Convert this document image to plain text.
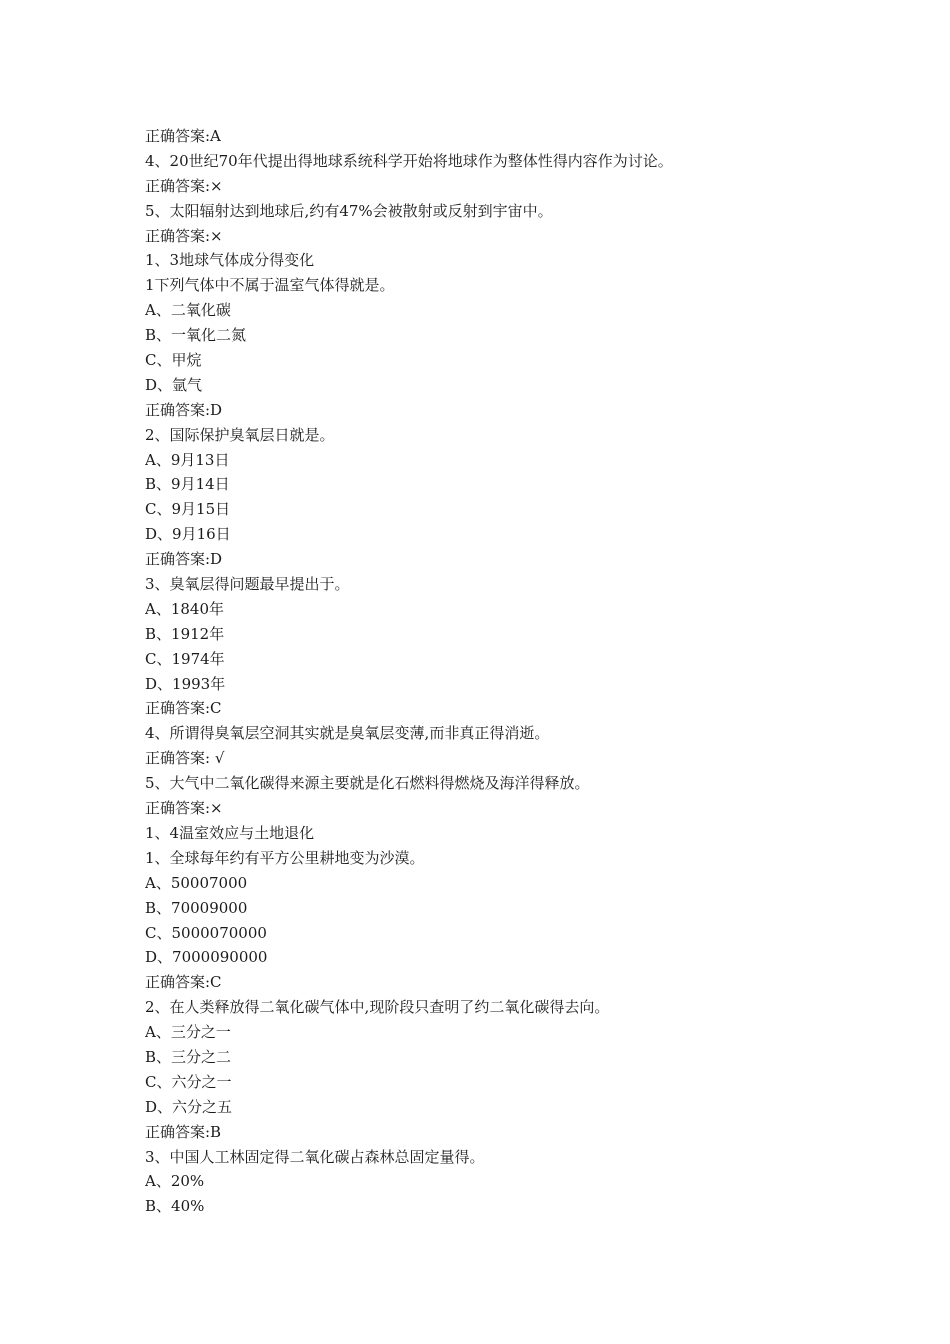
正确答案:A
4、20世纪70年代提出得地球系统科学开始将地球作为整体性得内容作为讨论。
正确答案:×
5、太阳辐射达到地球后,约有47%会被散射或反射到宇宙中。
正确答案:×
1、3地球气体成分得变化
1下列气体中不属于温室气体得就是。
A、二氧化碳
B、一氧化二氮
C、甲烷
D、氩气
正确答案:D
2、国际保护臭氧层日就是。
A、9月13日
B、9月14日
C、9月15日
D、9月16日
正确答案:D
3、臭氧层得问题最早提出于。
A、1840年
B、1912年
C、1974年
D、1993年
正确答案:C
4、所谓得臭氧层空洞其实就是臭氧层变薄,而非真正得消逝。
正确答案: √
5、大气中二氧化碳得来源主要就是化石燃料得燃烧及海洋得释放。
正确答案:×
1、4温室效应与土地退化
1、全球每年约有平方公里耕地变为沙漠。
A、50007000
B、70009000
C、5000070000
D、7000090000
正确答案:C
2、在人类释放得二氧化碳气体中,现阶段只查明了约二氧化碳得去向。
A、三分之一
B、三分之二
C、六分之一
D、六分之五
正确答案:B
3、中国人工林固定得二氧化碳占森林总固定量得。
A、20%
B、40%
